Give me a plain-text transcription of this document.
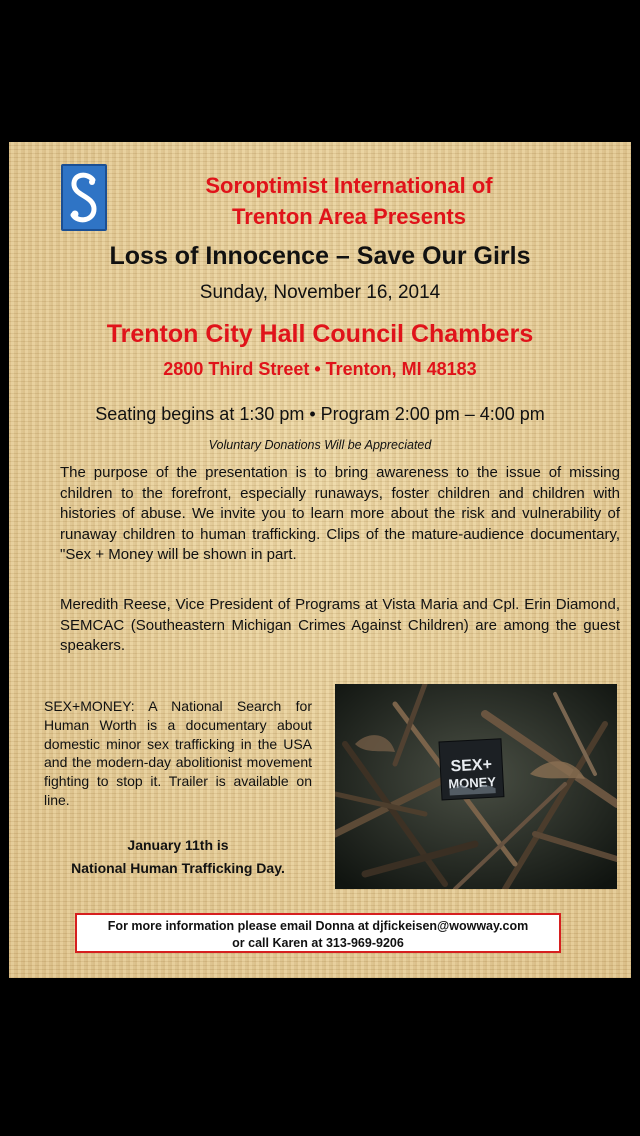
Soroptimist International of
Trenton Area Presents
Loss of Innocence – Save Our Girls
Sunday, November 16, 2014
Trenton City Hall Council Chambers
2800 Third Street • Trenton, MI 48183
Seating begins at 1:30 pm • Program 2:00 pm – 4:00 pm
Voluntary Donations Will be Appreciated
The purpose of the presentation is to bring awareness to the issue of missing children to the forefront, especially runaways, foster children and children with histories of abuse. We invite you to learn more about the risk and vulnerability of runaway children to human trafficking. Clips of the mature-audience documentary, "Sex + Money will be shown in part.
Meredith Reese, Vice President of Programs at Vista Maria and Cpl. Erin Diamond, SEMCAC (Southeastern Michigan Crimes Against Children) are among the guest speakers.
SEX+MONEY: A National Search for Human Worth is a documentary about domestic minor sex trafficking in the USA and the modern-day abolitionist movement fighting to stop it. Trailer is available on line.
January 11th is
National Human Trafficking Day.
SEX+
MONEY
For more information please email Donna at djfickeisen@wowway.com
or call Karen at 313-969-9206
